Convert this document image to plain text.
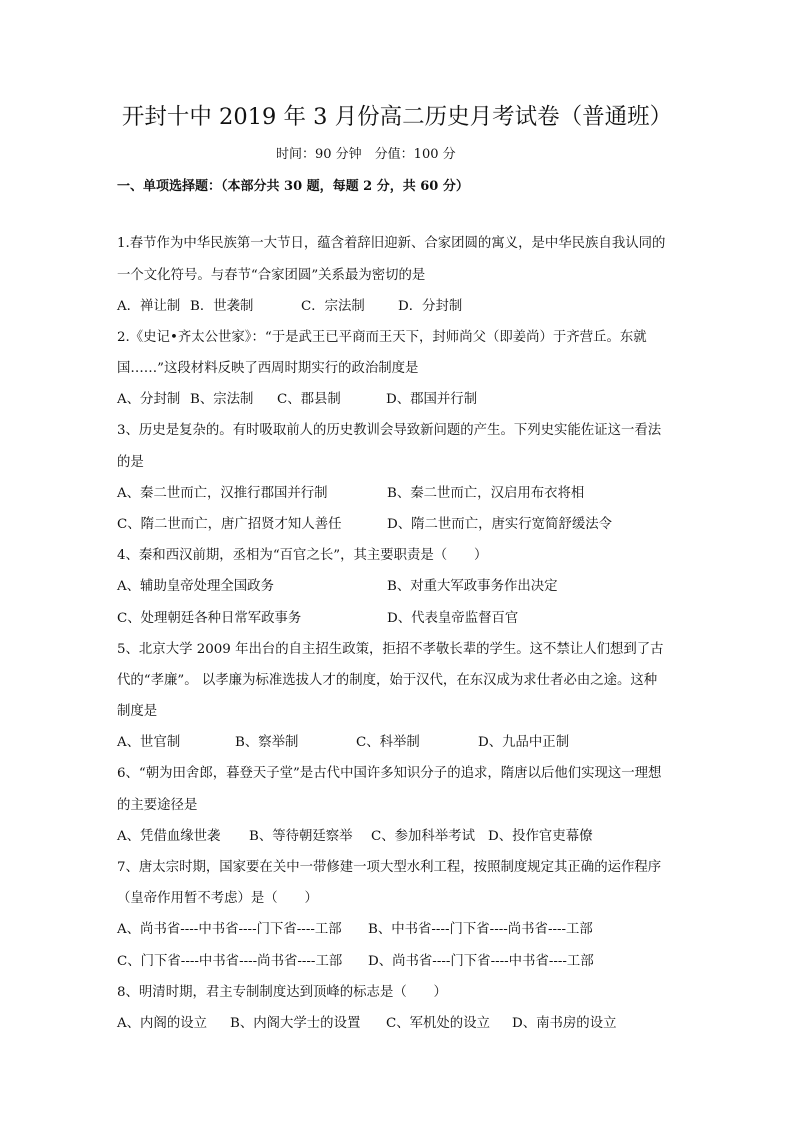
开封十中 2019 年 3 月份高二历史月考试卷（普通班）
时间：90 分钟　分值：100 分
一、单项选择题：（本部分共 30 题，每题 2 分，共 60 分）
1.春节作为中华民族第一大节日，蕴含着辞旧迎新、合家团圆的寓义，是中华民族自我认同的
一个文化符号。与春节“合家团圆”关系最为密切的是
A．禅让制 B．世袭制	C．宗法制 D．分封制
2.《史记•齐太公世家》：“于是武王已平商而王天下，封师尚父（即姜尚）于齐营丘。东就
国……”这段材料反映了西周时期实行的政治制度是
A、分封制 B、宗法制 C、郡县制	D、郡国并行制
3、历史是复杂的。有时吸取前人的历史教训会导致新问题的产生。下列史实能佐证这一看法
的是
A、秦二世而亡，汉推行郡国并行制	B、秦二世而亡，汉启用布衣将相
C、隋二世而亡，唐广招贤才知人善任	D、隋二世而亡，唐实行宽简舒缓法令
4、秦和西汉前期，丞相为“百官之长”，其主要职责是（　　）
A、辅助皇帝处理全国政务	B、对重大军政事务作出决定
C、处理朝廷各种日常军政事务	D、代表皇帝监督百官
5、北京大学 2009 年出台的自主招生政策，拒招不孝敬长辈的学生。这不禁让人们想到了古
代的“孝廉”。 以孝廉为标准选拔人才的制度，始于汉代，在东汉成为求仕者必由之途。这种
制度是
A、世官制	B、察举制	C、科举制	D、九品中正制
6、“朝为田舍郎，暮登天子堂”是古代中国许多知识分子的追求，隋唐以后他们实现这一理想
的主要途径是
A、凭借血缘世袭 B、等待朝廷察举 C、参加科举考试 D、投作官吏幕僚
7、唐太宗时期，国家要在关中一带修建一项大型水利工程，按照制度规定其正确的运作程序
（皇帝作用暂不考虑）是（　　）
A、尚书省----中书省----门下省----工部 B、中书省----门下省----尚书省----工部
C、门下省----中书省----尚书省----工部 D、尚书省----门下省----中书省----工部
8、明清时期，君主专制制度达到顶峰的标志是（　　）
A、内阁的设立 B、内阁大学士的设置 C、军机处的设立 D、南书房的设立
